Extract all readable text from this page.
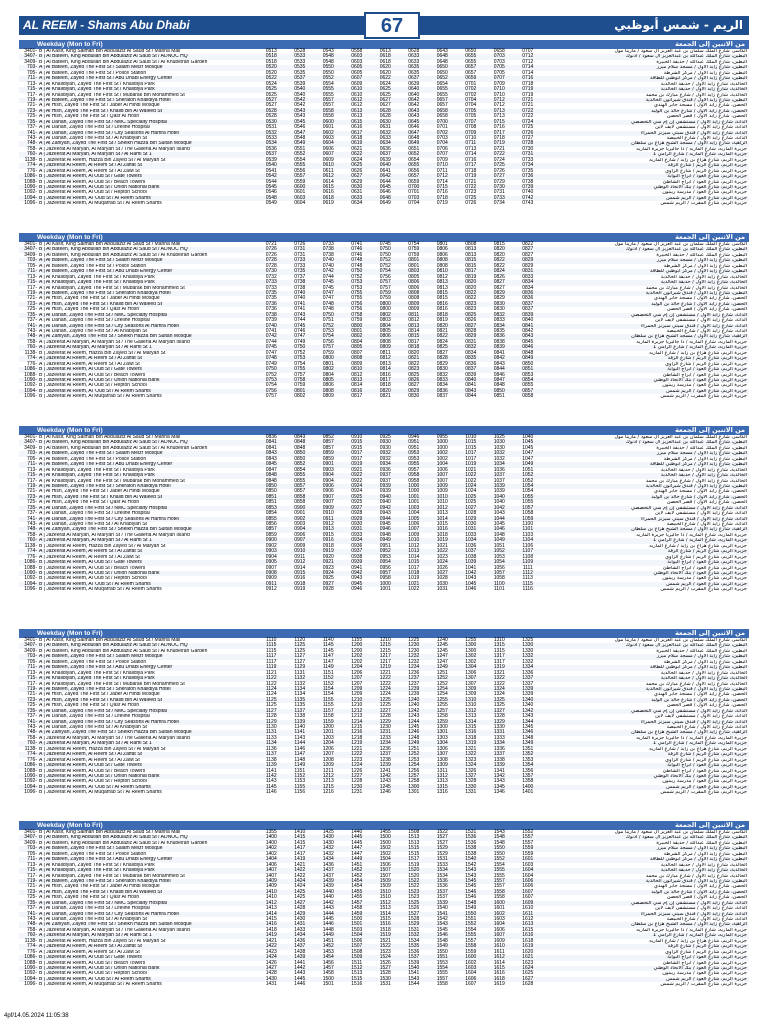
AL REEM - Shams Abu Dhabi	67	الريم - شمس أبوظبي
Weekday (Mon to Fri)	من الاثنين إلى الجمعة
3401- B | Al Kasir, King Salman Bin Abdulaziz Al Saud St / Marina Mall	0513	0528	0543	0558	0613	0628	0643	0650	0658	0707	الكاسر، شارع الملك سلمان بن عبد العزيز آل سعود / مارينا مول
3407- B | Al Bateen, King Abdullah bin Abdulaziz Al Saud St / ADNOC HQ	0518	0533	0548	0603	0618	0633	0648	0655	0703	0712	البطين، شارع الملك عبدالله بن عبدالعزيز آل سعود / ادنوك
3409- B | Al Bateen, King Abdullah bin Abdulaziz Al Saud St / Al Khubeirah Garden	0518	0533	0548	0603	0618	0633	0648	0655	0703	0712	البطين، شارع الملك عبدالله / حديقة الخبيرة
703- A | Al Bateen, Zayed The First St / Salam Meizr Mosque	0520	0535	0550	0605	0620	0635	0650	0657	0705	0714	البطين، شارع زايد الأول / مسجد سلام ميزر
705- A | Al Bateen, Zayed The First St / Police Station	0520	0535	0550	0605	0620	0635	0650	0657	0705	0714	البطين، شارع زايد الأول / مركز الشرطة
711- A | Al Bateen, Zayed The First St / Abu Dhabi Energy Center	0522	0537	0552	0607	0622	0637	0652	0659	0707	0716	البطين، شارع زايد الأول / مركز أبوظبي للطاقة
713- A | Al Khalidiyah, Zayed The First St / Khalidiya Park	0524	0539	0554	0609	0624	0639	0654	0701	0709	0718	الخالدية، شارع زايد الأول / حديقة الخالدية
715- A | Al Khalidiyah, Zayed The First St / Khalidiya Park	0525	0540	0555	0610	0625	0640	0655	0702	0710	0719	الخالدية، شارع زايد الأول / حديقة الخالدية
717- A | Al Khalidiyah, Zayed The First St / Mubarak Bin Mohammed St	0525	0540	0555	0610	0625	0640	0655	0702	0710	0719	الخالدية، شارع زايد الأول / شارع مبارك بن محمد
719- A | Al Bateen, Zayed The First St / Sheraton Khalidiya Hotel	0527	0542	0557	0612	0627	0642	0657	0704	0712	0721	البطين، شارع زايد الأول / فندق شيراتون الخالدية
721- A | Al Hisn, Zayed The First St / Jaber Al Hindi Mosque	0527	0542	0557	0612	0627	0642	0657	0704	0712	0721	الحصن، شارع زايد الأول / مسجد جابر الهندي
723- A | Al Hisn, Zayed The First St / Khalid Bin Al Waleed St	0528	0543	0558	0613	0628	0643	0658	0705	0713	0722	الحصن، شارع زايد الأول / شارع خالد بن الوليد
725- A | Al Hisn, Zayed The First St / Qasr Al Hosn	0528	0543	0558	0613	0628	0643	0658	0705	0713	0722	الحصن، شارع زايد الأول / قصر الحصن
735- A | Al Danah, Zayed The First St / NMC Specialty Hospital	0530	0545	0600	0615	0630	0645	0700	0707	0715	0724	الدانة، شارع زايد الأول / مستشفى إن إم سي التخصصي
737- A | Al Danah, Zayed The First St / Lifeline Hospital	0531	0546	0601	0616	0631	0646	0701	0708	0716	0725	الدانة، شارع زايد الأول / مستشفى لايف لاين
741- A | Al Danah, Zayed The First St / City Seasons Al Hamra Hotel	0532	0547	0602	0617	0632	0647	0702	0709	0717	0726	الدانة، شارع زايد الأول / فندق سيتي سيزنز الحمراء
743- A | Al Danah, Zayed The First St / Al Khabiyah St	0533	0548	0603	0618	0633	0648	0703	0710	0718	0727	الدانة، شارع زايد الأول / شارع الخبيصة
748- A | Al Zahiyah, Zayed The First St / Sheikh Hazza Bin Sultan Mosque	0534	0549	0604	0619	0634	0649	0704	0711	0719	0728	الزاهية، شارع زايد الأول / مسجد الشيخ هزاع بن سلطان
758- A | Jazeerat Al Maryah, Al Maryah St / The Galleria Al Maryah Island	0536	0551	0606	0621	0636	0651	0706	0713	0721	0730	جزيرة الماريه، شارع الماريه / ذا جاليريا جزيرة الماريه
760- A | Jazeerat Al Maryah, Al Maryah St / Al Rami St 1	0537	0552	0607	0622	0637	0652	0707	0714	0722	0731	جزيرة الماريه، شارع الماريه / شارع الرامي 1
1138- B | Jazeerat Al Reem, Hazza Bin Zayed St / Al Maryah St	0539	0554	0609	0624	0639	0654	0709	0716	0724	0733	جزيرة الريم، شارع هزاع بن زايد / شارع الماريه
774- A | Jazeerat Al Reem, Al Reem St / Al Zaffat St	0540	0555	0610	0625	0640	0655	0710	0717	0725	0734	جزيرة الريم، شارع الريم / شارع الزفة
776- A | Jazeerat Al Reem, Al Reem St / Al Zawi St	0541	0556	0611	0626	0641	0656	0711	0718	0726	0735	جزيرة الريم، شارع الريم / شارع الزاوي
1086- B | Jazeerat Al Reem, Al Oud St / Gate Towers	0542	0557	0612	0627	0642	0657	0712	0719	0727	0736	جزيرة الريم، شارع العود / أبراج البوابة
1088- B | Jazeerat Al Reem, Al Oud St / Beach Towers	0544	0559	0614	0629	0644	0659	0714	0721	0729	0738	جزيرة الريم، شارع العود / أبراج الشاطئ
1090- B | Jazeerat Al Reem, Al Oud St / Union National Bank	0545	0600	0615	0630	0645	0700	0715	0722	0730	0739	جزيرة الريم، شارع العود / بنك الاتحاد الوطني
1092- B | Jazeerat Al Reem, Al Oud St / Repton School	0546	0601	0616	0631	0646	0701	0716	0723	0731	0740	جزيرة الريم، شارع العود / مدرسة ريبتون
1094- B | Jazeerat Al Reem, Al 'Oud St / Al Reem Shams	0548	0603	0618	0633	0648	0703	0718	0725	0733	0742	جزيرة الريم، شارع العود / الريم شمس
1096- B | Jazeerat Al Reem, Al Muqarrab St / Al Reem Shams	0549	0604	0619	0634	0649	0704	0719	0726	0734	0743	جزيرة الريم، شارع المقرب / الريم شمس
Weekday (Mon to Fri)	من الاثنين إلى الجمعة
3401- B | Al Kasir, King Salman Bin Abdulaziz Al Saud St / Marina Mall	0721	0726	0733	0741	0745	0754	0801	0808	0815	0822	الكاسر، شارع الملك سلمان بن عبد العزيز آل سعود / مارينا مول
3407- B | Al Bateen, King Abdullah bin Abdulaziz Al Saud St / ADNOC HQ	0726	0731	0738	0746	0750	0759	0806	0813	0820	0827	البطين، شارع الملك عبدالله بن عبدالعزيز آل سعود / ادنوك
3409- B | Al Bateen, King Abdullah bin Abdulaziz Al Saud St / Al Khubeirah Garden	0726	0731	0738	0746	0750	0759	0806	0813	0820	0827	البطين، شارع الملك عبدالله / حديقة الخبيرة
703- A | Al Bateen, Zayed The First St / Salam Meizr Mosque	0728	0733	0740	0748	0752	0801	0808	0815	0822	0829	البطين، شارع زايد الأول / مسجد سلام ميزر
705- A | Al Bateen, Zayed The First St / Police Station	0728	0733	0740	0748	0752	0801	0808	0815	0822	0829	البطين، شارع زايد الأول / مركز الشرطة
711- A | Al Bateen, Zayed The First St / Abu Dhabi Energy Center	0730	0735	0742	0750	0754	0803	0810	0817	0824	0831	البطين، شارع زايد الأول / مركز أبوظبي للطاقة
713- A | Al Khalidiyah, Zayed The First St / Khalidiya Park	0732	0737	0744	0752	0756	0805	0812	0819	0826	0833	الخالدية، شارع زايد الأول / حديقة الخالدية
715- A | Al Khalidiyah, Zayed The First St / Khalidiya Park	0733	0738	0745	0753	0757	0806	0813	0820	0827	0834	الخالدية، شارع زايد الأول / حديقة الخالدية
717- A | Al Khalidiyah, Zayed The First St / Mubarak Bin Mohammed St	0733	0738	0745	0753	0757	0806	0813	0820	0827	0834	الخالدية، شارع زايد الأول / شارع مبارك بن محمد
719- A | Al Bateen, Zayed The First St / Sheraton Khalidiya Hotel	0735	0740	0747	0755	0759	0808	0815	0822	0829	0836	البطين، شارع زايد الأول / فندق شيراتون الخالدية
721- A | Al Hisn, Zayed The First St / Jaber Al Hindi Mosque	0735	0740	0747	0755	0759	0808	0815	0822	0829	0836	الحصن، شارع زايد الأول / مسجد جابر الهندي
723- A | Al Hisn, Zayed The First St / Khalid Bin Al Waleed St	0736	0741	0748	0756	0800	0809	0816	0823	0830	0837	الحصن، شارع زايد الأول / شارع خالد بن الوليد
725- A | Al Hisn, Zayed The First St / Qasr Al Hosn	0736	0741	0748	0756	0800	0809	0816	0823	0830	0837	الحصن، شارع زايد الأول / قصر الحصن
735- A | Al Danah, Zayed The First St / NMC Specialty Hospital	0738	0743	0750	0758	0802	0811	0818	0825	0832	0839	الدانة، شارع زايد الأول / مستشفى إن إم سي التخصصي
737- A | Al Danah, Zayed The First St / Lifeline Hospital	0739	0744	0751	0759	0803	0812	0819	0826	0833	0840	الدانة، شارع زايد الأول / مستشفى لايف لاين
741- A | Al Danah, Zayed The First St / City Seasons Al Hamra Hotel	0740	0745	0752	0800	0804	0813	0820	0827	0834	0841	الدانة، شارع زايد الأول / فندق سيتي سيزنز الحمراء
743- A | Al Danah, Zayed The First St / Al Khabiyah St	0741	0746	0753	0801	0805	0814	0821	0828	0835	0842	الدانة، شارع زايد الأول / شارع الخبيصة
748- A | Al Zahiyah, Zayed The First St / Sheikh Hazza Bin Sultan Mosque	0742	0747	0754	0802	0806	0815	0822	0829	0836	0843	الزاهية، شارع زايد الأول / مسجد الشيخ هزاع بن سلطان
758- A | Jazeerat Al Maryah, Al Maryah St / The Galleria Al Maryah Island	0744	0749	0756	0804	0808	0817	0824	0831	0838	0845	جزيرة الماريه، شارع الماريه / ذا جاليريا جزيرة الماريه
760- A | Jazeerat Al Maryah, Al Maryah St / Al Rami St 1	0745	0750	0757	0805	0809	0818	0825	0832	0839	0846	جزيرة الماريه، شارع الماريه / شارع الرامي 1
1138- B | Jazeerat Al Reem, Hazza Bin Zayed St / Al Maryah St	0747	0752	0759	0807	0811	0820	0827	0834	0841	0848	جزيرة الريم، شارع هزاع بن زايد / شارع الماريه
774- A | Jazeerat Al Reem, Al Reem St / Al Zaffat St	0748	0753	0800	0808	0812	0821	0828	0835	0842	0849	جزيرة الريم، شارع الريم / شارع الزفة
776- A | Jazeerat Al Reem, Al Reem St / Al Zawi St	0749	0754	0801	0809	0813	0822	0829	0836	0843	0850	جزيرة الريم، شارع الريم / شارع الزاوي
1086- B | Jazeerat Al Reem, Al Oud St / Gate Towers	0750	0755	0802	0810	0814	0823	0830	0837	0844	0851	جزيرة الريم، شارع العود / أبراج البوابة
1088- B | Jazeerat Al Reem, Al Oud St / Beach Towers	0752	0757	0804	0812	0816	0825	0832	0839	0846	0853	جزيرة الريم، شارع العود / أبراج الشاطئ
1090- B | Jazeerat Al Reem, Al Oud St / Union National Bank	0753	0758	0805	0813	0817	0826	0833	0840	0847	0854	جزيرة الريم، شارع العود / بنك الاتحاد الوطني
1092- B | Jazeerat Al Reem, Al Oud St / Repton School	0754	0759	0806	0814	0818	0827	0834	0841	0848	0855	جزيرة الريم، شارع العود / مدرسة ريبتون
1094- B | Jazeerat Al Reem, Al 'Oud St / Al Reem Shams	0756	0801	0808	0816	0820	0829	0836	0843	0850	0857	جزيرة الريم، شارع العود / الريم شمس
1096- B | Jazeerat Al Reem, Al Muqarrab St / Al Reem Shams	0757	0802	0809	0817	0821	0830	0837	0844	0851	0858	جزيرة الريم، شارع المقرب / الريم شمس
Weekday (Mon to Fri)	من الاثنين إلى الجمعة
3401- B | Al Kasir, King Salman Bin Abdulaziz Al Saud St / Marina Mall	0836	0843	0852	0910	0925	0946	0955	1010	1025	1040	الكاسر، شارع الملك سلمان بن عبد العزيز آل سعود / مارينا مول
3407- B | Al Bateen, King Abdullah bin Abdulaziz Al Saud St / ADNOC HQ	0841	0848	0857	0915	0930	0951	1000	1015	1030	1045	البطين، شارع الملك عبدالله بن عبدالعزيز آل سعود / ادنوك
3409- B | Al Bateen, King Abdullah bin Abdulaziz Al Saud St / Al Khubeirah Garden	0841	0848	0857	0915	0930	0951	1000	1015	1030	1045	البطين، شارع الملك عبدالله / حديقة الخبيرة
703- A | Al Bateen, Zayed The First St / Salam Meizr Mosque	0843	0850	0859	0917	0932	0953	1002	1017	1032	1047	البطين، شارع زايد الأول / مسجد سلام ميزر
705- A | Al Bateen, Zayed The First St / Police Station	0843	0850	0859	0917	0932	0953	1002	1017	1032	1047	البطين، شارع زايد الأول / مركز الشرطة
711- A | Al Bateen, Zayed The First St / Abu Dhabi Energy Center	0845	0852	0901	0919	0934	0955	1004	1019	1034	1049	البطين، شارع زايد الأول / مركز أبوظبي للطاقة
713- A | Al Khalidiyah, Zayed The First St / Khalidiya Park	0847	0854	0903	0921	0936	0957	1006	1021	1036	1051	الخالدية، شارع زايد الأول / حديقة الخالدية
715- A | Al Khalidiyah, Zayed The First St / Khalidiya Park	0848	0855	0904	0922	0937	0958	1007	1022	1037	1052	الخالدية، شارع زايد الأول / حديقة الخالدية
717- A | Al Khalidiyah, Zayed The First St / Mubarak Bin Mohammed St	0848	0855	0904	0922	0937	0958	1007	1022	1037	1052	الخالدية، شارع زايد الأول / شارع مبارك بن محمد
719- A | Al Bateen, Zayed The First St / Sheraton Khalidiya Hotel	0850	0857	0906	0924	0939	1000	1009	1024	1039	1054	البطين، شارع زايد الأول / فندق شيراتون الخالدية
721- A | Al Hisn, Zayed The First St / Jaber Al Hindi Mosque	0850	0857	0906	0924	0939	1000	1009	1024	1039	1054	الحصن، شارع زايد الأول / مسجد جابر الهندي
723- A | Al Hisn, Zayed The First St / Khalid Bin Al Waleed St	0851	0858	0907	0925	0940	1001	1010	1025	1040	1055	الحصن، شارع زايد الأول / شارع خالد بن الوليد
725- A | Al Hisn, Zayed The First St / Qasr Al Hosn	0851	0858	0907	0925	0940	1001	1010	1025	1040	1055	الحصن، شارع زايد الأول / قصر الحصن
735- A | Al Danah, Zayed The First St / NMC Specialty Hospital	0853	0900	0909	0927	0942	1003	1012	1027	1042	1057	الدانة، شارع زايد الأول / مستشفى إن إم سي التخصصي
737- A | Al Danah, Zayed The First St / Lifeline Hospital	0854	0901	0910	0928	0943	1004	1013	1028	1043	1058	الدانة، شارع زايد الأول / مستشفى لايف لاين
741- A | Al Danah, Zayed The First St / City Seasons Al Hamra Hotel	0855	0902	0911	0929	0944	1005	1014	1029	1044	1059	الدانة، شارع زايد الأول / فندق سيتي سيزنز الحمراء
743- A | Al Danah, Zayed The First St / Al Khabiyah St	0856	0903	0912	0930	0945	1006	1015	1030	1045	1100	الدانة، شارع زايد الأول / شارع الخبيصة
748- A | Al Zahiyah, Zayed The First St / Sheikh Hazza Bin Sultan Mosque	0857	0904	0913	0931	0946	1007	1016	1031	1046	1101	الزاهية، شارع زايد الأول / مسجد الشيخ هزاع بن سلطان
758- A | Jazeerat Al Maryah, Al Maryah St / The Galleria Al Maryah Island	0859	0906	0915	0933	0948	1009	1018	1033	1048	1103	جزيرة الماريه، شارع الماريه / ذا جاليريا جزيرة الماريه
760- A | Jazeerat Al Maryah, Al Maryah St / Al Rami St 1	0900	0907	0916	0934	0949	1010	1019	1034	1049	1104	جزيرة الماريه، شارع الماريه / شارع الرامي 1
1138- B | Jazeerat Al Reem, Hazza Bin Zayed St / Al Maryah St	0902	0909	0918	0936	0951	1012	1021	1036	1051	1106	جزيرة الريم، شارع هزاع بن زايد / شارع الماريه
774- A | Jazeerat Al Reem, Al Reem St / Al Zaffat St	0903	0910	0919	0937	0952	1013	1022	1037	1052	1107	جزيرة الريم، شارع الريم / شارع الزفة
776- A | Jazeerat Al Reem, Al Reem St / Al Zawi St	0904	0911	0920	0938	0953	1014	1023	1038	1053	1108	جزيرة الريم، شارع الريم / شارع الزاوي
1086- B | Jazeerat Al Reem, Al Oud St / Gate Towers	0905	0912	0921	0939	0954	1015	1024	1039	1054	1109	جزيرة الريم، شارع العود / أبراج البوابة
1088- B | Jazeerat Al Reem, Al Oud St / Beach Towers	0907	0914	0923	0941	0956	1017	1026	1041	1056	1111	جزيرة الريم، شارع العود / أبراج الشاطئ
1090- B | Jazeerat Al Reem, Al Oud St / Union National Bank	0908	0915	0924	0942	0957	1018	1027	1042	1057	1112	جزيرة الريم، شارع العود / بنك الاتحاد الوطني
1092- B | Jazeerat Al Reem, Al Oud St / Repton School	0909	0916	0925	0943	0958	1019	1028	1043	1058	1113	جزيرة الريم، شارع العود / مدرسة ريبتون
1094- B | Jazeerat Al Reem, Al 'Oud St / Al Reem Shams	0911	0918	0927	0945	1000	1021	1030	1045	1100	1115	جزيرة الريم، شارع العود / الريم شمس
1096- B | Jazeerat Al Reem, Al Muqarrab St / Al Reem Shams	0912	0919	0928	0946	1001	1022	1031	1046	1101	1116	جزيرة الريم، شارع المقرب / الريم شمس
Weekday (Mon to Fri)	من الاثنين إلى الجمعة
3401- B | Al Kasir, King Salman Bin Abdulaziz Al Saud St / Marina Mall	1110	1120	1140	1155	1210	1225	1240	1255	1310	1325	الكاسر، شارع الملك سلمان بن عبد العزيز آل سعود / مارينا مول
3407- B | Al Bateen, King Abdullah bin Abdulaziz Al Saud St / ADNOC HQ	1115	1125	1145	1200	1215	1230	1245	1300	1315	1330	البطين، شارع الملك عبدالله بن عبدالعزيز آل سعود / ادنوك
3409- B | Al Bateen, King Abdullah bin Abdulaziz Al Saud St / Al Khubeirah Garden	1115	1125	1145	1200	1215	1230	1245	1300	1315	1330	البطين، شارع الملك عبدالله / حديقة الخبيرة
703- A | Al Bateen, Zayed The First St / Salam Meizr Mosque	1117	1127	1147	1202	1217	1232	1247	1302	1317	1332	البطين، شارع زايد الأول / مسجد سلام ميزر
705- A | Al Bateen, Zayed The First St / Police Station	1117	1127	1147	1202	1217	1232	1247	1302	1317	1332	البطين، شارع زايد الأول / مركز الشرطة
711- A | Al Bateen, Zayed The First St / Abu Dhabi Energy Center	1119	1129	1149	1204	1219	1234	1249	1304	1319	1334	البطين، شارع زايد الأول / مركز أبوظبي للطاقة
713- A | Al Khalidiyah, Zayed The First St / Khalidiya Park	1121	1131	1151	1206	1221	1236	1251	1306	1321	1336	الخالدية، شارع زايد الأول / حديقة الخالدية
715- A | Al Khalidiyah, Zayed The First St / Khalidiya Park	1122	1132	1152	1207	1222	1237	1252	1307	1322	1337	الخالدية، شارع زايد الأول / حديقة الخالدية
717- A | Al Khalidiyah, Zayed The First St / Mubarak Bin Mohammed St	1122	1132	1152	1207	1222	1237	1252	1307	1322	1337	الخالدية، شارع زايد الأول / شارع مبارك بن محمد
719- A | Al Bateen, Zayed The First St / Sheraton Khalidiya Hotel	1124	1134	1154	1209	1224	1239	1254	1309	1324	1339	البطين، شارع زايد الأول / فندق شيراتون الخالدية
721- A | Al Hisn, Zayed The First St / Jaber Al Hindi Mosque	1124	1134	1154	1209	1224	1239	1254	1309	1324	1339	الحصن، شارع زايد الأول / مسجد جابر الهندي
723- A | Al Hisn, Zayed The First St / Khalid Bin Al Waleed St	1125	1135	1155	1210	1225	1240	1255	1310	1325	1340	الحصن، شارع زايد الأول / شارع خالد بن الوليد
725- A | Al Hisn, Zayed The First St / Qasr Al Hosn	1125	1135	1155	1210	1225	1240	1255	1310	1325	1340	الحصن، شارع زايد الأول / قصر الحصن
735- A | Al Danah, Zayed The First St / NMC Specialty Hospital	1127	1137	1157	1212	1227	1242	1257	1312	1327	1342	الدانة، شارع زايد الأول / مستشفى إن إم سي التخصصي
737- A | Al Danah, Zayed The First St / Lifeline Hospital	1128	1138	1158	1213	1228	1243	1258	1313	1328	1343	الدانة، شارع زايد الأول / مستشفى لايف لاين
741- A | Al Danah, Zayed The First St / City Seasons Al Hamra Hotel	1129	1139	1159	1214	1229	1244	1259	1314	1329	1344	الدانة، شارع زايد الأول / فندق سيتي سيزنز الحمراء
743- A | Al Danah, Zayed The First St / Al Khabiyah St	1130	1140	1200	1215	1230	1245	1300	1315	1330	1345	الدانة، شارع زايد الأول / شارع الخبيصة
748- A | Al Zahiyah, Zayed The First St / Sheikh Hazza Bin Sultan Mosque	1131	1141	1201	1216	1231	1246	1301	1316	1331	1346	الزاهية، شارع زايد الأول / مسجد الشيخ هزاع بن سلطان
758- A | Jazeerat Al Maryah, Al Maryah St / The Galleria Al Maryah Island	1133	1143	1203	1218	1233	1248	1303	1318	1333	1348	جزيرة الماريه، شارع الماريه / ذا جاليريا جزيرة الماريه
760- A | Jazeerat Al Maryah, Al Maryah St / Al Rami St 1	1134	1144	1204	1219	1234	1249	1304	1319	1334	1349	جزيرة الماريه، شارع الماريه / شارع الرامي 1
1138- B | Jazeerat Al Reem, Hazza Bin Zayed St / Al Maryah St	1136	1146	1206	1221	1236	1251	1306	1321	1336	1351	جزيرة الريم، شارع هزاع بن زايد / شارع الماريه
774- A | Jazeerat Al Reem, Al Reem St / Al Zaffat St	1137	1147	1207	1222	1237	1252	1307	1322	1337	1352	جزيرة الريم، شارع الريم / شارع الزفة
776- A | Jazeerat Al Reem, Al Reem St / Al Zawi St	1138	1148	1208	1223	1238	1253	1308	1323	1338	1353	جزيرة الريم، شارع الريم / شارع الزاوي
1086- B | Jazeerat Al Reem, Al Oud St / Gate Towers	1139	1149	1209	1224	1239	1254	1309	1324	1339	1354	جزيرة الريم، شارع العود / أبراج البوابة
1088- B | Jazeerat Al Reem, Al Oud St / Beach Towers	1141	1151	1211	1226	1241	1256	1311	1326	1341	1356	جزيرة الريم، شارع العود / أبراج الشاطئ
1090- B | Jazeerat Al Reem, Al Oud St / Union National Bank	1142	1152	1212	1227	1242	1257	1312	1327	1342	1357	جزيرة الريم، شارع العود / بنك الاتحاد الوطني
1092- B | Jazeerat Al Reem, Al Oud St / Repton School	1143	1153	1213	1228	1243	1258	1313	1328	1343	1358	جزيرة الريم، شارع العود / مدرسة ريبتون
1094- B | Jazeerat Al Reem, Al 'Oud St / Al Reem Shams	1145	1155	1215	1230	1245	1300	1315	1330	1345	1400	جزيرة الريم، شارع العود / الريم شمس
1096- B | Jazeerat Al Reem, Al Muqarrab St / Al Reem Shams	1146	1156	1216	1231	1246	1301	1316	1331	1346	1401	جزيرة الريم، شارع المقرب / الريم شمس
Weekday (Mon to Fri)	من الاثنين إلى الجمعة
3401- B | Al Kasir, King Salman Bin Abdulaziz Al Saud St / Marina Mall	1355	1410	1425	1440	1455	1508	1522	1531	1543	1552	الكاسر، شارع الملك سلمان بن عبد العزيز آل سعود / مارينا مول
3407- B | Al Bateen, King Abdullah bin Abdulaziz Al Saud St / ADNOC HQ	1400	1415	1430	1445	1500	1513	1527	1536	1548	1557	البطين، شارع الملك عبدالله بن عبدالعزيز آل سعود / ادنوك
3409- B | Al Bateen, King Abdullah bin Abdulaziz Al Saud St / Al Khubeirah Garden	1400	1415	1430	1445	1500	1513	1527	1536	1548	1557	البطين، شارع الملك عبدالله / حديقة الخبيرة
703- A | Al Bateen, Zayed The First St / Salam Meizr Mosque	1402	1417	1432	1447	1502	1515	1529	1538	1550	1559	البطين، شارع زايد الأول / مسجد سلام ميزر
705- A | Al Bateen, Zayed The First St / Police Station	1402	1417	1432	1447	1502	1515	1529	1538	1550	1559	البطين، شارع زايد الأول / مركز الشرطة
711- A | Al Bateen, Zayed The First St / Abu Dhabi Energy Center	1404	1419	1434	1449	1504	1517	1531	1540	1552	1601	البطين، شارع زايد الأول / مركز أبوظبي للطاقة
713- A | Al Khalidiyah, Zayed The First St / Khalidiya Park	1406	1421	1436	1451	1506	1519	1533	1542	1554	1603	الخالدية، شارع زايد الأول / حديقة الخالدية
715- A | Al Khalidiyah, Zayed The First St / Khalidiya Park	1407	1422	1437	1452	1507	1520	1534	1543	1555	1604	الخالدية، شارع زايد الأول / حديقة الخالدية
717- A | Al Khalidiyah, Zayed The First St / Mubarak Bin Mohammed St	1407	1422	1437	1452	1507	1520	1534	1543	1555	1604	الخالدية، شارع زايد الأول / شارع مبارك بن محمد
719- A | Al Bateen, Zayed The First St / Sheraton Khalidiya Hotel	1409	1424	1439	1454	1509	1522	1536	1545	1557	1606	البطين، شارع زايد الأول / فندق شيراتون الخالدية
721- A | Al Hisn, Zayed The First St / Jaber Al Hindi Mosque	1409	1424	1439	1454	1509	1522	1536	1545	1557	1606	الحصن، شارع زايد الأول / مسجد جابر الهندي
723- A | Al Hisn, Zayed The First St / Khalid Bin Al Waleed St	1410	1425	1440	1455	1510	1523	1537	1546	1558	1607	الحصن، شارع زايد الأول / شارع خالد بن الوليد
725- A | Al Hisn, Zayed The First St / Qasr Al Hosn	1410	1425	1440	1455	1510	1523	1537	1546	1558	1607	الحصن، شارع زايد الأول / قصر الحصن
735- A | Al Danah, Zayed The First St / NMC Specialty Hospital	1412	1427	1442	1457	1512	1525	1539	1548	1600	1609	الدانة، شارع زايد الأول / مستشفى إن إم سي التخصصي
737- A | Al Danah, Zayed The First St / Lifeline Hospital	1413	1428	1443	1458	1513	1526	1540	1549	1601	1610	الدانة، شارع زايد الأول / مستشفى لايف لاين
741- A | Al Danah, Zayed The First St / City Seasons Al Hamra Hotel	1414	1429	1444	1459	1514	1527	1541	1550	1602	1611	الدانة، شارع زايد الأول / فندق سيتي سيزنز الحمراء
743- A | Al Danah, Zayed The First St / Al Khabiyah St	1415	1430	1445	1500	1515	1528	1542	1551	1603	1612	الدانة، شارع زايد الأول / شارع الخبيصة
748- A | Al Zahiyah, Zayed The First St / Sheikh Hazza Bin Sultan Mosque	1416	1431	1446	1501	1516	1529	1543	1552	1604	1613	الزاهية، شارع زايد الأول / مسجد الشيخ هزاع بن سلطان
758- A | Jazeerat Al Maryah, Al Maryah St / The Galleria Al Maryah Island	1418	1433	1448	1503	1518	1531	1545	1554	1606	1615	جزيرة الماريه، شارع الماريه / ذا جاليريا جزيرة الماريه
760- A | Jazeerat Al Maryah, Al Maryah St / Al Rami St 1	1419	1434	1449	1504	1519	1532	1546	1555	1607	1616	جزيرة الماريه، شارع الماريه / شارع الرامي 1
1138- B | Jazeerat Al Reem, Hazza Bin Zayed St / Al Maryah St	1421	1436	1451	1506	1521	1534	1548	1557	1609	1618	جزيرة الريم، شارع هزاع بن زايد / شارع الماريه
774- A | Jazeerat Al Reem, Al Reem St / Al Zaffat St	1422	1437	1452	1507	1522	1535	1549	1558	1610	1619	جزيرة الريم، شارع الريم / شارع الزفة
776- A | Jazeerat Al Reem, Al Reem St / Al Zawi St	1423	1438	1453	1508	1523	1536	1550	1559	1611	1620	جزيرة الريم، شارع الريم / شارع الزاوي
1086- B | Jazeerat Al Reem, Al Oud St / Gate Towers	1424	1439	1454	1509	1524	1537	1551	1600	1612	1621	جزيرة الريم، شارع العود / أبراج البوابة
1088- B | Jazeerat Al Reem, Al Oud St / Beach Towers	1426	1441	1456	1511	1526	1539	1553	1602	1614	1623	جزيرة الريم، شارع العود / أبراج الشاطئ
1090- B | Jazeerat Al Reem, Al Oud St / Union National Bank	1427	1442	1457	1512	1527	1540	1554	1603	1615	1624	جزيرة الريم، شارع العود / بنك الاتحاد الوطني
1092- B | Jazeerat Al Reem, Al Oud St / Repton School	1428	1443	1458	1513	1528	1541	1555	1604	1616	1625	جزيرة الريم، شارع العود / مدرسة ريبتون
1094- B | Jazeerat Al Reem, Al 'Oud St / Al Reem Shams	1430	1445	1500	1515	1530	1543	1557	1606	1618	1627	جزيرة الريم، شارع العود / الريم شمس
1096- B | Jazeerat Al Reem, Al Muqarrab St / Al Reem Shams	1431	1446	1501	1516	1531	1544	1558	1607	1619	1628	جزيرة الريم، شارع المقرب / الريم شمس
4pf/14.05.2024 11:05:38
